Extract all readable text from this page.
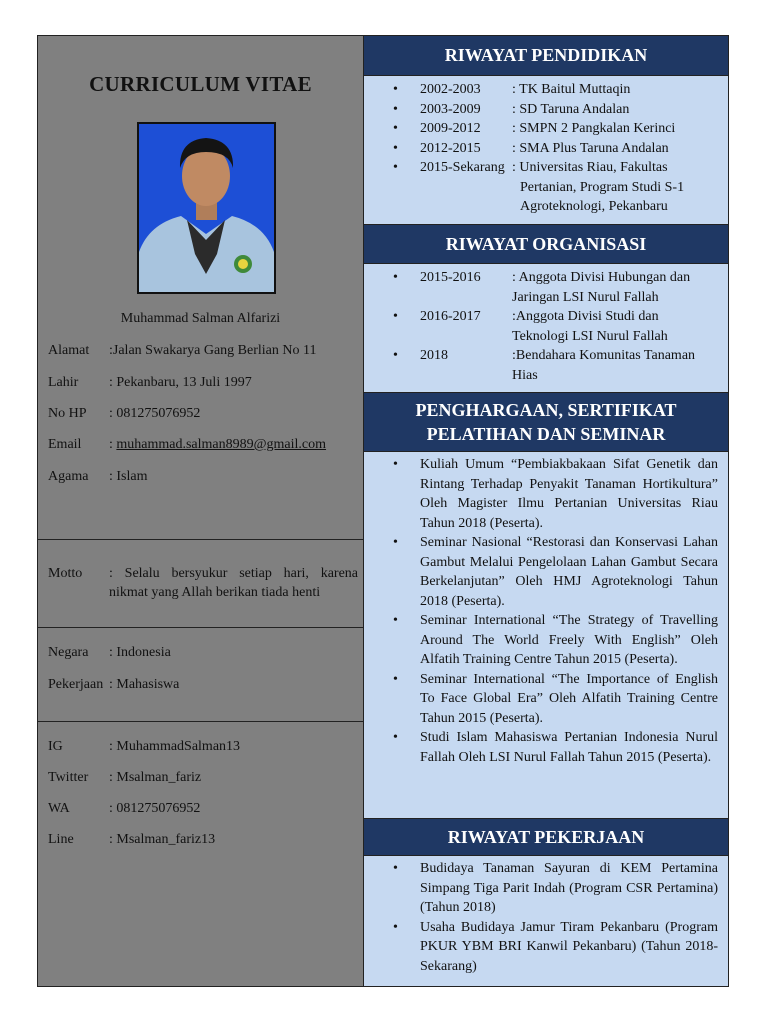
CURRICULUM VITAE
Muhammad Salman Alfarizi
Alamat :Jalan Swakarya Gang Berlian No 11
Lahir : Pekanbaru, 13 Juli 1997
No HP : 081275076952
Email : muhammad.salman8989@gmail.com
Agama : Islam
Motto : Selalu bersyukur setiap hari, karena nikmat yang Allah berikan tiada henti
Negara : Indonesia
Pekerjaan : Mahasiswa
IG	: MuhammadSalman13
Twitter : Msalman_fariz
WA	: 081275076952
Line	: Msalman_fariz13
RIWAYAT PENDIDIKAN
• 2002-2003 : TK Baitul Muttaqin
• 2003-2009 : SD Taruna Andalan
• 2009-2012 : SMPN 2 Pangkalan Kerinci
• 2012-2015 : SMA Plus Taruna Andalan
• 2015-Sekarang : Universitas Riau, Fakultas Pertanian, Program Studi S-1 Agroteknologi, Pekanbaru
RIWAYAT ORGANISASI
• 2015-2016 : Anggota Divisi Hubungan dan Jaringan LSI Nurul Fallah
• 2016-2017 :Anggota Divisi Studi dan Teknologi LSI Nurul Fallah
• 2018	:Bendahara Komunitas Tanaman Hias
PENGHARGAAN, SERTIFIKAT
PELATIHAN DAN SEMINAR
• Kuliah Umum “Pembiakbakaan Sifat Genetik dan Rintang Terhadap Penyakit Tanaman Hortikultura” Oleh Magister Ilmu Pertanian Universitas Riau Tahun 2018 (Peserta).
• Seminar Nasional “Restorasi dan Konservasi Lahan Gambut Melalui Pengelolaan Lahan Gambut Secara Berkelanjutan” Oleh HMJ Agroteknologi Tahun 2018 (Peserta).
• Seminar International “The Strategy of Travelling Around The World Freely With English” Oleh Alfatih Training Centre Tahun 2015 (Peserta).
• Seminar International “The Importance of English To Face Global Era” Oleh Alfatih Training Centre Tahun 2015 (Peserta).
• Studi Islam Mahasiswa Pertanian Indonesia Nurul Fallah Oleh LSI Nurul Fallah Tahun 2015 (Peserta).
RIWAYAT PEKERJAAN
• Budidaya Tanaman Sayuran di KEM Pertamina Simpang Tiga Parit Indah (Program CSR Pertamina) (Tahun 2018)
• Usaha Budidaya Jamur Tiram Pekanbaru (Program PKUR YBM BRI Kanwil Pekanbaru) (Tahun 2018-Sekarang)
